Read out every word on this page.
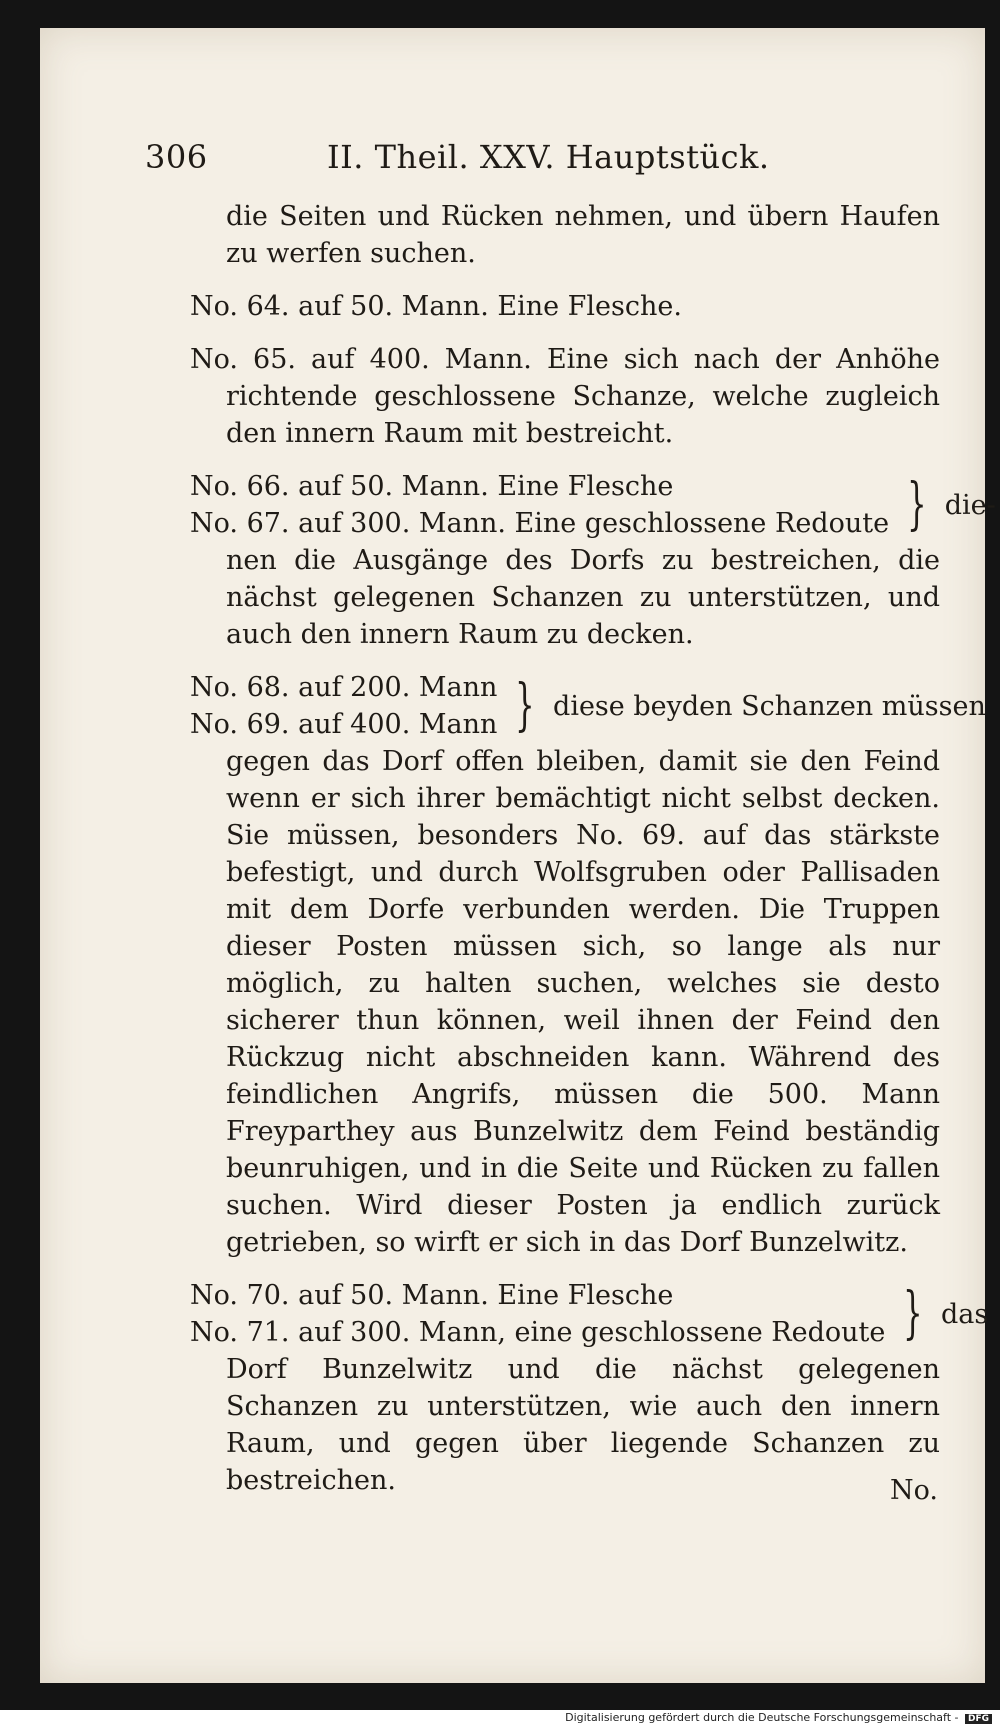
306	II. Theil. XXV. Hauptstück.

die Seiten und Rücken nehmen, und übern Haufen zu werfen suchen.

No. 64. auf 50. Mann. Eine Flesche.

No. 65. auf 400. Mann. Eine sich nach der Anhöhe richtende geschlossene Schanze, welche zugleich den innern Raum mit bestreicht.

No. 66. auf 50. Mann. Eine Flesche
No. 67. auf 300. Mann. Eine geschlossene Redoute } die-

nen die Ausgänge des Dorfs zu bestreichen, die nächst gelegenen Schanzen zu unterstützen, und auch den innern Raum zu decken.

No. 68. auf 200. Mann
No. 69. auf 400. Mann } diese beyden Schanzen müssen

gegen das Dorf offen bleiben, damit sie den Feind wenn er sich ihrer bemächtigt nicht selbst decken. Sie müssen, besonders No. 69. auf das stärkste befestigt, und durch Wolfsgruben oder Pallisaden mit dem Dorfe verbunden werden. Die Truppen dieser Posten müssen sich, so lange als nur möglich, zu halten suchen, welches sie desto sicherer thun können, weil ihnen der Feind den Rückzug nicht abschneiden kann. Während des feindlichen Angrifs, müssen die 500. Mann Freyparthey aus Bunzelwitz dem Feind beständig beunruhigen, und in die Seite und Rücken zu fallen suchen. Wird dieser Posten ja endlich zurück getrieben, so wirft er sich in das Dorf Bunzelwitz.

No. 70. auf 50. Mann. Eine Flesche
No. 71. auf 300. Mann, eine geschlossene Redoute } das

Dorf Bunzelwitz und die nächst gelegenen Schanzen zu unterstützen, wie auch den innern Raum, und gegen über liegende Schanzen zu bestreichen.	No.
Digitalisierung gefördert durch die Deutsche Forschungsgemeinschaft - DFG
